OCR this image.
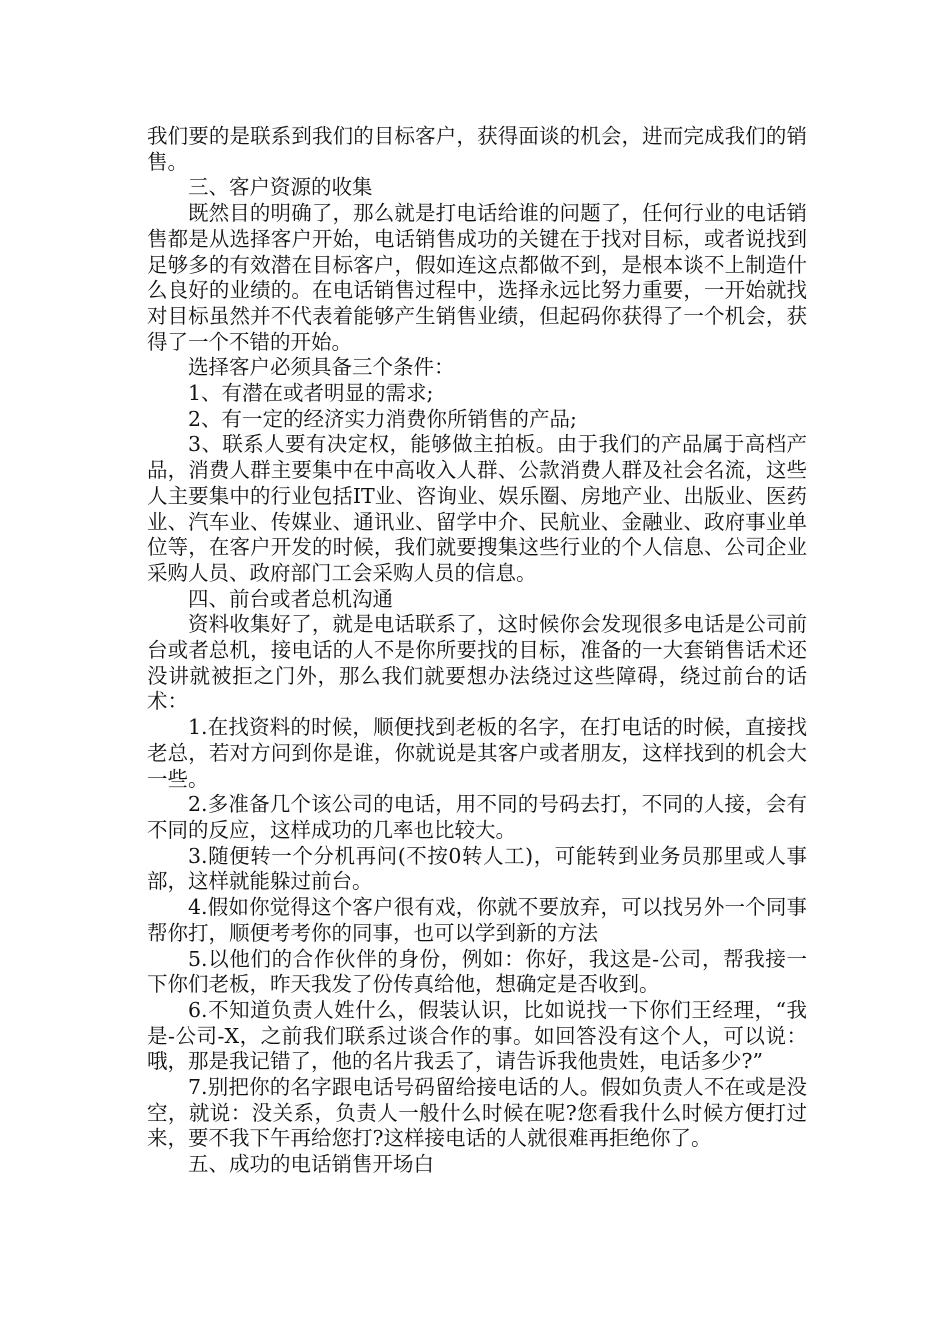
我们要的是联系到我们的目标客户，获得面谈的机会，进而完成我们的销售。

三、客户资源的收集

既然目的明确了，那么就是打电话给谁的问题了，任何行业的电话销售都是从选择客户开始，电话销售成功的关键在于找对目标，或者说找到足够多的有效潜在目标客户，假如连这点都做不到，是根本谈不上制造什么良好的业绩的。在电话销售过程中，选择永远比努力重要，一开始就找对目标虽然并不代表着能够产生销售业绩，但起码你获得了一个机会，获得了一个不错的开始。

选择客户必须具备三个条件：

1、有潜在或者明显的需求;

2、有一定的经济实力消费你所销售的产品;

3、联系人要有决定权，能够做主拍板。由于我们的产品属于高档产品，消费人群主要集中在中高收入人群、公款消费人群及社会名流，这些人主要集中的行业包括IT业、咨询业、娱乐圈、房地产业、出版业、医药业、汽车业、传媒业、通讯业、留学中介、民航业、金融业、政府事业单位等，在客户开发的时候，我们就要搜集这些行业的个人信息、公司企业采购人员、政府部门工会采购人员的信息。

四、前台或者总机沟通

资料收集好了，就是电话联系了，这时候你会发现很多电话是公司前台或者总机，接电话的人不是你所要找的目标，准备的一大套销售话术还没讲就被拒之门外，那么我们就要想办法绕过这些障碍，绕过前台的话术：

1.在找资料的时候，顺便找到老板的名字，在打电话的时候，直接找老总，若对方问到你是谁，你就说是其客户或者朋友，这样找到的机会大一些。

2.多准备几个该公司的电话，用不同的号码去打，不同的人接，会有不同的反应，这样成功的几率也比较大。

3.随便转一个分机再问(不按0转人工)，可能转到业务员那里或人事部，这样就能躲过前台。

4.假如你觉得这个客户很有戏，你就不要放弃，可以找另外一个同事帮你打，顺便考考你的同事，也可以学到新的方法

5.以他们的合作伙伴的身份，例如：你好，我这是-公司，帮我接一下你们老板，昨天我发了份传真给他，想确定是否收到。

6.不知道负责人姓什么，假装认识，比如说找一下你们王经理，“我是-公司-X，之前我们联系过谈合作的事。如回答没有这个人，可以说：哦，那是我记错了，他的名片我丢了，请告诉我他贵姓，电话多少?”

7.别把你的名字跟电话号码留给接电话的人。假如负责人不在或是没空，就说：没关系，负责人一般什么时候在呢?您看我什么时候方便打过来，要不我下午再给您打?这样接电话的人就很难再拒绝你了。

五、成功的电话销售开场白
